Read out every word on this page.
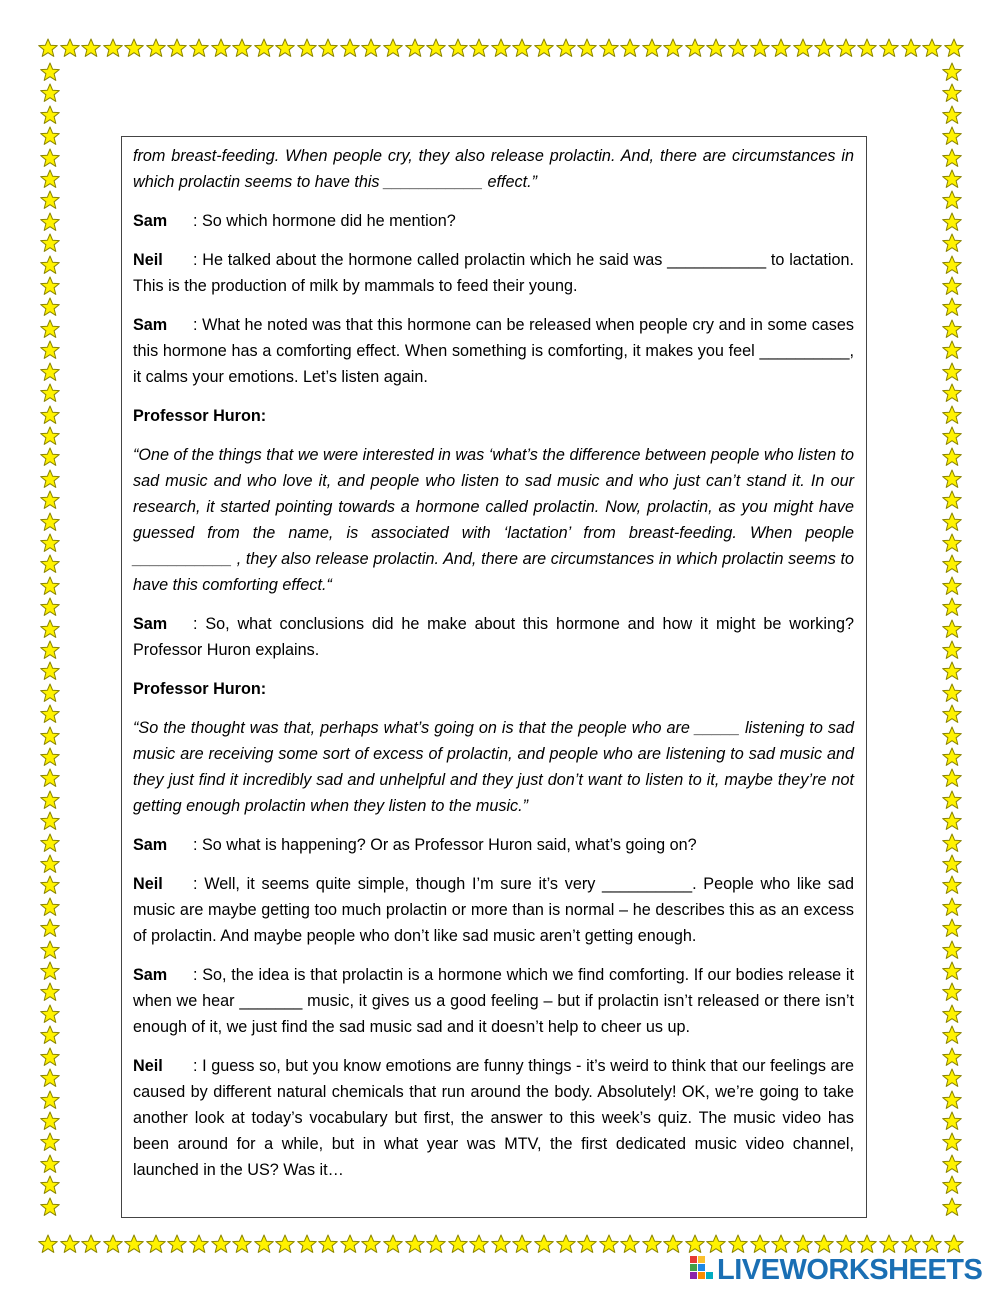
from breast-feeding. When people cry, they also release prolactin. And, there are circumstances in which prolactin seems to have this ___________ effect.”

Sam : So which hormone did he mention?

Neil : He talked about the hormone called prolactin which he said was ___________ to lactation. This is the production of milk by mammals to feed their young.

Sam : What he noted was that this hormone can be released when people cry and in some cases this hormone has a comforting effect. When something is comforting, it makes you feel __________, it calms your emotions. Let’s listen again.

Professor Huron:

“One of the things that we were interested in was ‘what’s the difference between people who listen to sad music and who love it, and people who listen to sad music and who just can’t stand it. In our research, it started pointing towards a hormone called prolactin. Now, prolactin, as you might have guessed from the name, is associated with ‘lactation’ from breast-feeding. When people ___________ , they also release prolactin. And, there are circumstances in which prolactin seems to have this comforting effect.“

Sam : So, what conclusions did he make about this hormone and how it might be working? Professor Huron explains.

Professor Huron:

“So the thought was that, perhaps what’s going on is that the people who are _____ listening to sad music are receiving some sort of excess of prolactin, and people who are listening to sad music and they just find it incredibly sad and unhelpful and they just don’t want to listen to it, maybe they’re not getting enough prolactin when they listen to the music.”

Sam : So what is happening? Or as Professor Huron said, what’s going on?

Neil : Well, it seems quite simple, though I’m sure it’s very __________. People who like sad music are maybe getting too much prolactin or more than is normal – he describes this as an excess of prolactin. And maybe people who don’t like sad music aren’t getting enough.

Sam : So, the idea is that prolactin is a hormone which we find comforting. If our bodies release it when we hear _______ music, it gives us a good feeling – but if prolactin isn’t released or there isn’t enough of it, we just find the sad music sad and it doesn’t help to cheer us up.

Neil : I guess so, but you know emotions are funny things - it’s weird to think that our feelings are caused by different natural chemicals that run around the body. Absolutely! OK, we’re going to take another look at today’s vocabulary but first, the answer to this week’s quiz. The music video has been around for a while, but in what year was MTV, the first dedicated music video channel, launched in the US? Was it…

LIVEWORKSHEETS
